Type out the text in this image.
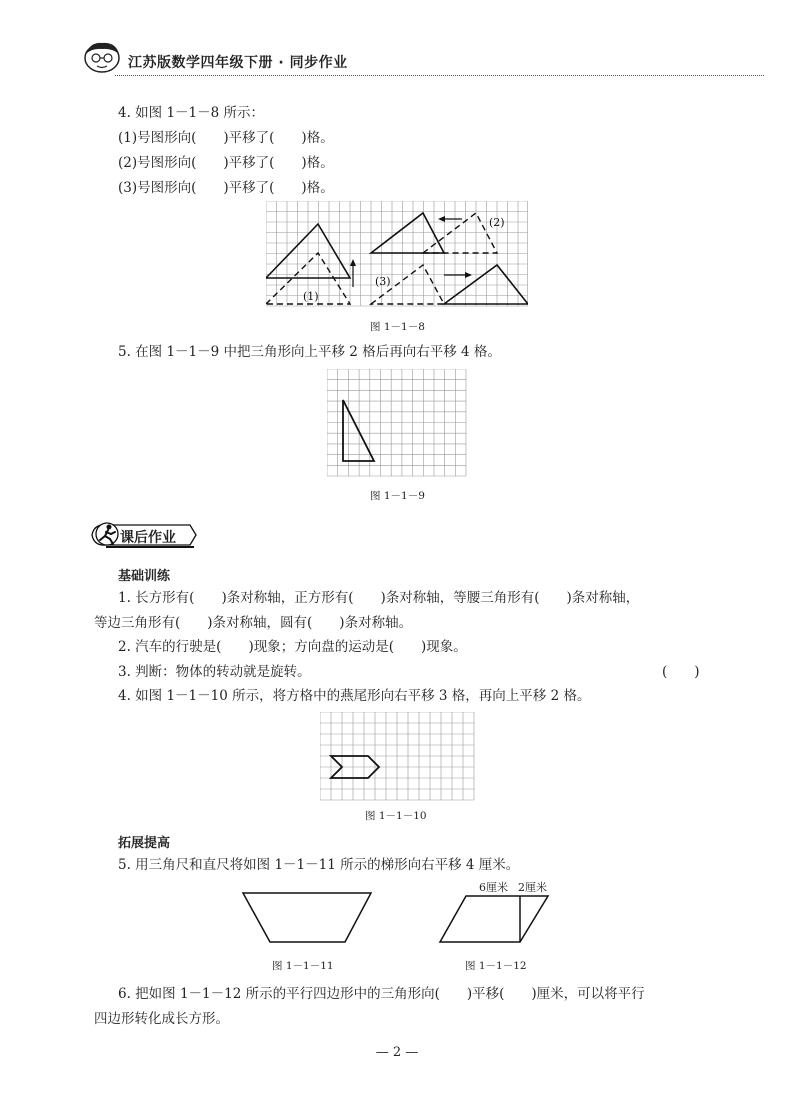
江苏版数学四年级下册 · 同步作业
4. 如图 1－1－8 所示：
(1)号图形向(　　)平移了(　　)格。
(2)号图形向(　　)平移了(　　)格。
(3)号图形向(　　)平移了(　　)格。
(1)
(2)
(3)
图 1－1－8
5. 在图 1－1－9 中把三角形向上平移 2 格后再向右平移 4 格。
图 1－1－9
课后作业
基础训练
1. 长方形有(　　)条对称轴，正方形有(　　)条对称轴，等腰三角形有(　　)条对称轴，
等边三角形有(　　)条对称轴，圆有(　　)条对称轴。
2. 汽车的行驶是(　　)现象；方向盘的运动是(　　)现象。
3. 判断：物体的转动就是旋转。	(　　)
4. 如图 1－1－10 所示，将方格中的燕尾形向右平移 3 格，再向上平移 2 格。
图 1－1－10
拓展提高
5. 用三角尺和直尺将如图 1－1－11 所示的梯形向右平移 4 厘米。
图 1－1－11
6厘米 2厘米
图 1－1－12
6. 把如图 1－1－12 所示的平行四边形中的三角形向(　　)平移(　　)厘米，可以将平行
四边形转化成长方形。
— 2 —
